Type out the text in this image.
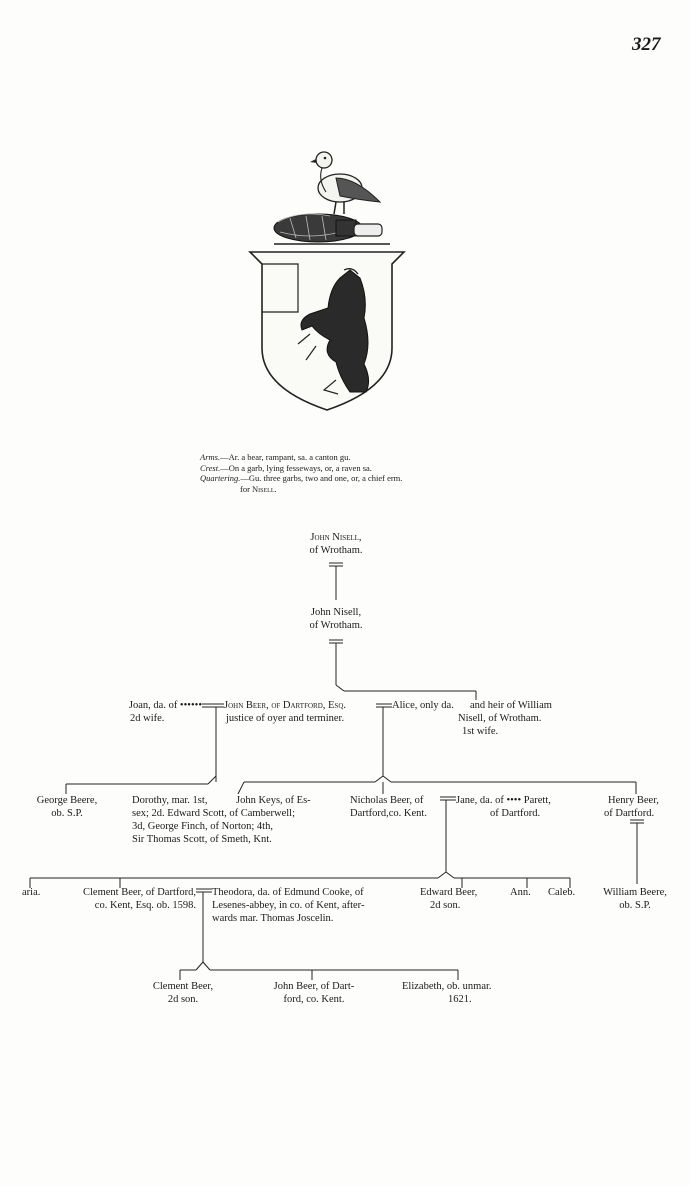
327
Arms.—Ar. a bear, rampant, sa. a canton gu.
Crest.—On a garb, lying fesseways, or, a raven sa.
Quartering.—Gu. three garbs, two and one, or, a chief erm.
for Nisell.
John Nisell,
of Wrotham.
John Nisell,
of Wrotham.
Joan, da. of ••••••
2d wife.
John Beer, of Dartford, Esq.
justice of oyer and terminer.
Alice, only da. and heir of William
Nisell, of Wrotham.
1st wife.
George Beere,
ob. S.P.
Dorothy, mar. 1st,	John Keys, of Es-
sex; 2d. Edward Scott, of Camberwell;
3d, George Finch, of Norton; 4th,
Sir Thomas Scott, of Smeth, Knt.
Nicholas Beer, of
Dartford,co. Kent.
Jane, da. of •••• Parett,
of Dartford.
Henry Beer,
of Dartford.
aria.	Clement Beer, of Dartford,
co. Kent, Esq. ob. 1598.
Theodora, da. of Edmund Cooke, of
Lesenes-abbey, in co. of Kent, after-
wards mar. Thomas Joscelin.
Edward Beer,
2d son.
Ann. Caleb.	William Beere,
ob. S.P.
Clement Beer,
2d son.
John Beer, of Dart-
ford, co. Kent.
Elizabeth, ob. unmar.
1621.
